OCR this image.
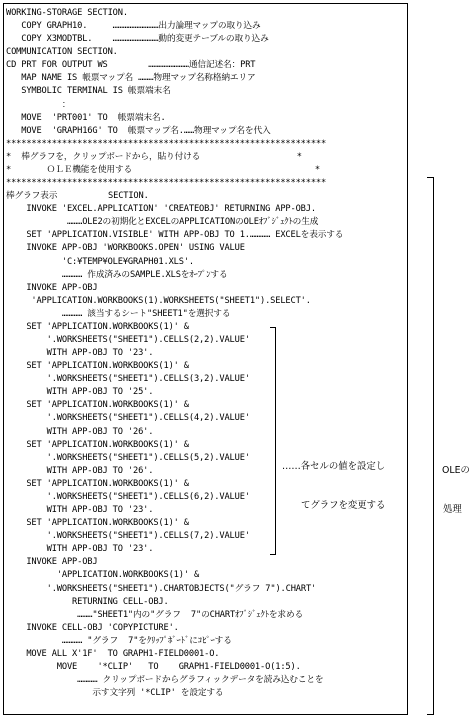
WORKING-STORAGE SECTION.
COPY GRAPH10.     ………………………出力論理マップの取り込み
COPY X3MODTBL.    ………………………動的変更テーブルの取り込み
COMMUNICATION SECTION.
CD PRT FOR OUTPUT WS        ……………………通信記述名：PRT
MAP NAME IS 帳票マップ名 ………物理マップ名称格納エリア
SYMBOLIC TERMINAL IS 帳票端末名
：
MOVE  'PRT001' TO  帳票端末名.
MOVE  'GRAPH16G' TO  帳票マップ名.……物理マップ名を代入
***************************************************************
*  棒グラフを，クリップボードから，貼り付ける                   *
*       ＯＬＥ機能を使用する                                    *
***************************************************************
棒グラフ表示          SECTION.
INVOKE 'EXCEL.APPLICATION' 'CREATEOBJ' RETURNING APP-OBJ.
………OLE2の初期化とEXCELのAPPLICATIONのOLEｵﾌﾞｼﾞｪｸﾄの生成
SET 'APPLICATION.VISIBLE' WITH APP-OBJ TO 1.………… EXCELを表示する
INVOKE APP-OBJ 'WORKBOOKS.OPEN' USING VALUE
'C:¥TEMP¥OLE¥GRAPH01.XLS'.
………… 作成済みのSAMPLE.XLSをｵｰﾌﾟﾝする
INVOKE APP-OBJ
'APPLICATION.WORKBOOKS(1).WORKSHEETS("SHEET1").SELECT'.
………… 該当するシート"SHEET1"を選択する
SET 'APPLICATION.WORKBOOKS(1)' &
'.WORKSHEETS("SHEET1").CELLS(2,2).VALUE'
WITH APP-OBJ TO '23'.
SET 'APPLICATION.WORKBOOKS(1)' &
'.WORKSHEETS("SHEET1").CELLS(3,2).VALUE'
WITH APP-OBJ TO '25'.
SET 'APPLICATION.WORKBOOKS(1)' &
'.WORKSHEETS("SHEET1").CELLS(4,2).VALUE'
WITH APP-OBJ TO '26'.
SET 'APPLICATION.WORKBOOKS(1)' &
'.WORKSHEETS("SHEET1").CELLS(5,2).VALUE'
WITH APP-OBJ TO '26'.
SET 'APPLICATION.WORKBOOKS(1)' &
'.WORKSHEETS("SHEET1").CELLS(6,2).VALUE'
WITH APP-OBJ TO '23'.
SET 'APPLICATION.WORKBOOKS(1)' &
'.WORKSHEETS("SHEET1").CELLS(7,2).VALUE'
WITH APP-OBJ TO '23'.
INVOKE APP-OBJ
'APPLICATION.WORKBOOKS(1)' &
'.WORKSHEETS("SHEET1").CHARTOBJECTS("グラフ 7").CHART'
RETURNING CELL-OBJ.
………"SHEET1"内の"グラフ  7"のCHARTｵﾌﾞｼﾞｪｸﾄを求める
INVOKE CELL-OBJ 'COPYPICTURE'.
………… "グラフ  7"をｸﾘｯﾌﾟﾎﾞｰﾄﾞにｺﾋﾟｰする
MOVE ALL X'1F'  TO GRAPH1-FIELD0001-O.
MOVE    '*CLIP'   TO    GRAPH1-FIELD0001-O(1:5).
………… クリップボードからグラフィックデータを読み込むことを
示す文字列 '*CLIP' を設定する

OLEの

処理

……各セルの値を設定し

てグラフを変更する
